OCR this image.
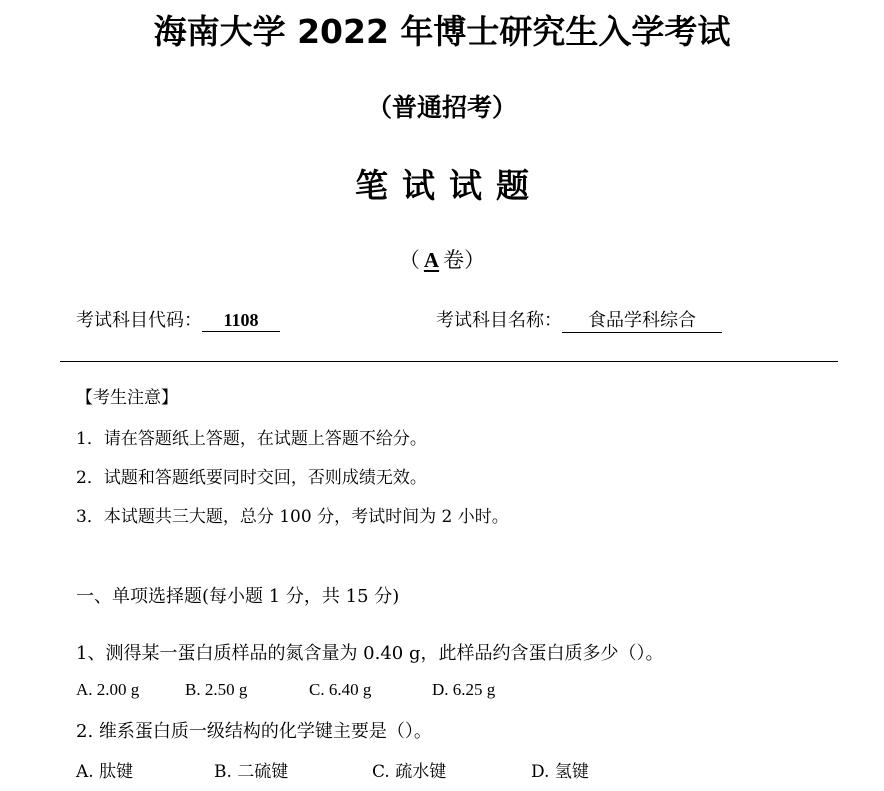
海南大学 2022 年博士研究生入学考试
（普通招考）
笔试试题
（ A 卷）
考试科目代码： 1108	考试科目名称： 食品学科综合
【考生注意】
1．请在答题纸上答题，在试题上答题不给分。
2．试题和答题纸要同时交回，否则成绩无效。
3．本试题共三大题，总分 100 分，考试时间为 2 小时。
一、单项选择题(每小题 1 分，共 15 分)
1、测得某一蛋白质样品的氮含量为 0.40 g，此样品约含蛋白质多少（）。
A. 2.00 g	B. 2.50 g	C. 6.40 g	D. 6.25 g
2. 维系蛋白质一级结构的化学键主要是（）。
A. 肽键	B. 二硫键	C. 疏水键	D. 氢键
